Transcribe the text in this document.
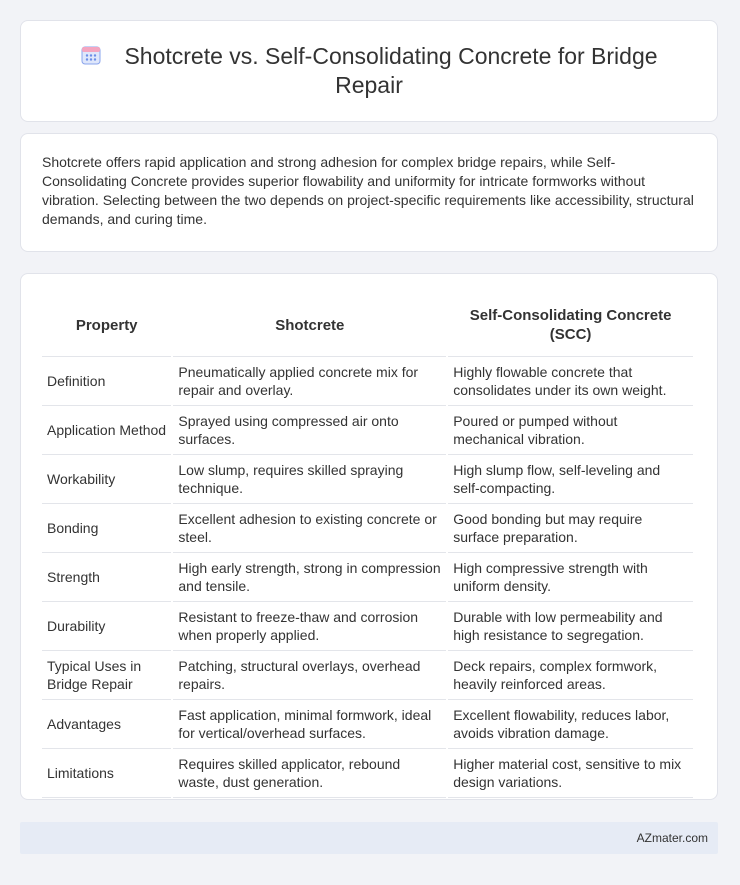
Shotcrete vs. Self-Consolidating Concrete for Bridge Repair

Shotcrete offers rapid application and strong adhesion for complex bridge repairs, while Self-Consolidating Concrete provides superior flowability and uniformity for intricate formworks without vibration. Selecting between the two depends on project-specific requirements like accessibility, structural demands, and curing time.

Property	Shotcrete	Self-Consolidating Concrete (SCC)
Definition	Pneumatically applied concrete mix for repair and overlay.	Highly flowable concrete that consolidates under its own weight.
Application Method	Sprayed using compressed air onto surfaces.	Poured or pumped without mechanical vibration.
Workability	Low slump, requires skilled spraying technique.	High slump flow, self-leveling and self-compacting.
Bonding	Excellent adhesion to existing concrete or steel.	Good bonding but may require surface preparation.
Strength	High early strength, strong in compression and tensile.	High compressive strength with uniform density.
Durability	Resistant to freeze-thaw and corrosion when properly applied.	Durable with low permeability and high resistance to segregation.
Typical Uses in Bridge Repair	Patching, structural overlays, overhead repairs.	Deck repairs, complex formwork, heavily reinforced areas.
Advantages	Fast application, minimal formwork, ideal for vertical/overhead surfaces.	Excellent flowability, reduces labor, avoids vibration damage.
Limitations	Requires skilled applicator, rebound waste, dust generation.	Higher material cost, sensitive to mix design variations.
AZmater.com
